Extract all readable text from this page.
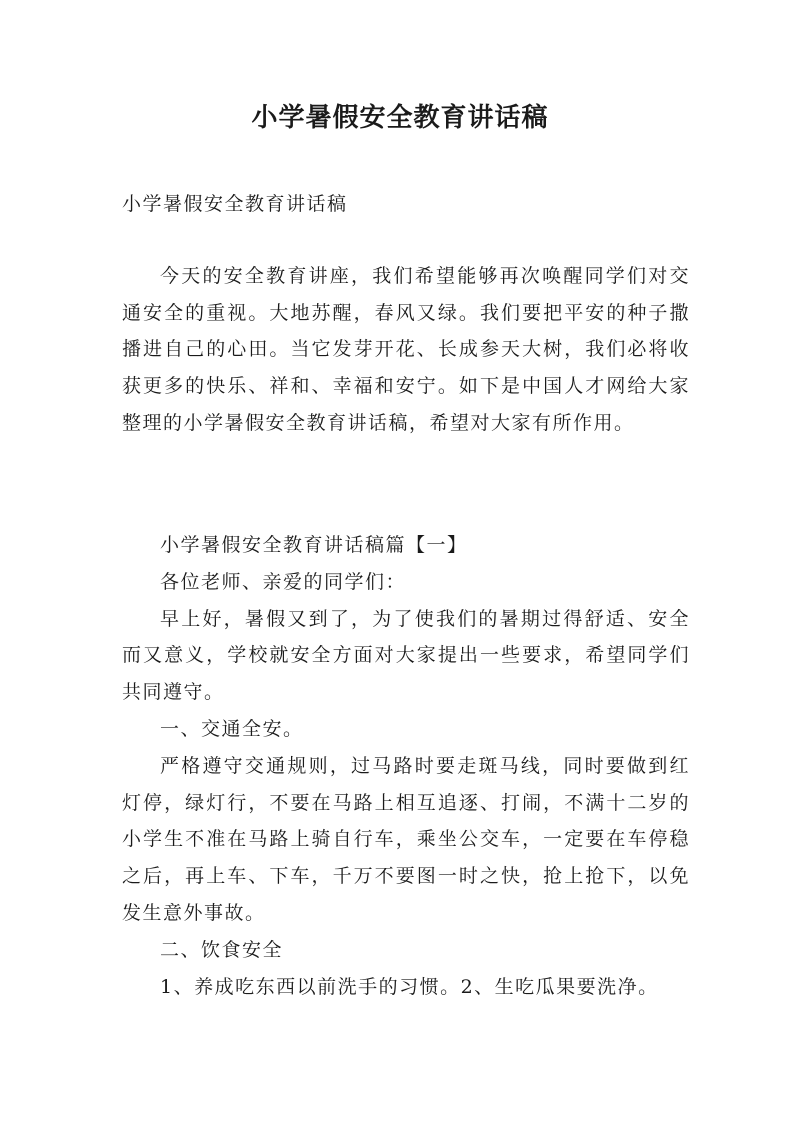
小学暑假安全教育讲话稿
小学暑假安全教育讲话稿

今天的安全教育讲座，我们希望能够再次唤醒同学们对交通安全的重视。大地苏醒，春风又绿。我们要把平安的种子撒播进自己的心田。当它发芽开花、长成参天大树，我们必将收获更多的快乐、祥和、幸福和安宁。如下是中国人才网给大家整理的小学暑假安全教育讲话稿，希望对大家有所作用。

小学暑假安全教育讲话稿篇【一】

各位老师、亲爱的同学们：

早上好，暑假又到了，为了使我们的暑期过得舒适、安全而又意义，学校就安全方面对大家提出一些要求，希望同学们共同遵守。

一、交通全安。

严格遵守交通规则，过马路时要走斑马线，同时要做到红灯停，绿灯行，不要在马路上相互追逐、打闹，不满十二岁的小学生不准在马路上骑自行车，乘坐公交车，一定要在车停稳之后，再上车、下车，千万不要图一时之快，抢上抢下，以免发生意外事故。

二、饮食安全

1、养成吃东西以前洗手的习惯。2、生吃瓜果要洗净。
